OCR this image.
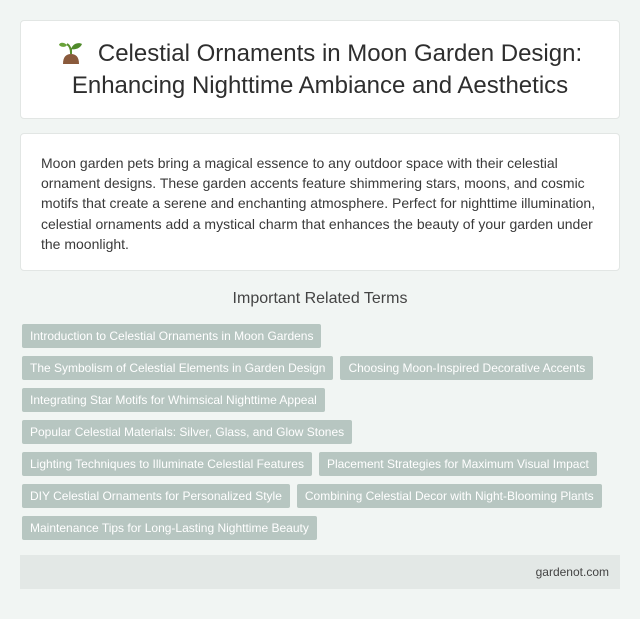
Celestial Ornaments in Moon Garden Design: Enhancing Nighttime Ambiance and Aesthetics

Moon garden pets bring a magical essence to any outdoor space with their celestial ornament designs. These garden accents feature shimmering stars, moons, and cosmic motifs that create a serene and enchanting atmosphere. Perfect for nighttime illumination, celestial ornaments add a mystical charm that enhances the beauty of your garden under the moonlight.

Important Related Terms
Introduction to Celestial Ornaments in Moon Gardens
The Symbolism of Celestial Elements in Garden Design	Choosing Moon-Inspired Decorative Accents
Integrating Star Motifs for Whimsical Nighttime Appeal
Popular Celestial Materials: Silver, Glass, and Glow Stones
Lighting Techniques to Illuminate Celestial Features	Placement Strategies for Maximum Visual Impact
DIY Celestial Ornaments for Personalized Style	Combining Celestial Decor with Night-Blooming Plants
Maintenance Tips for Long-Lasting Nighttime Beauty
gardenot.com
